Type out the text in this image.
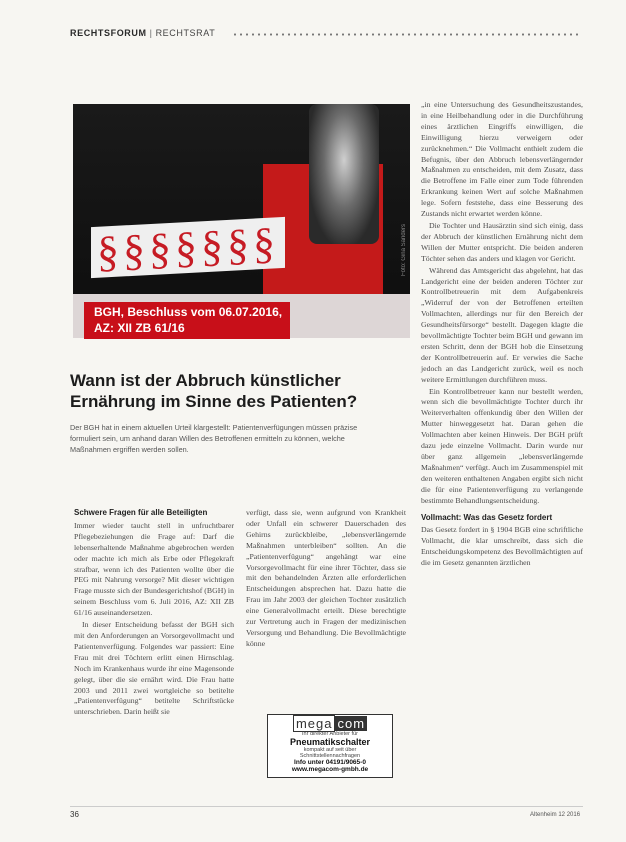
RECHTSFORUM | RECHTSRAT
§§§§§§§	Foto: Gina Sanders
BGH, Beschluss vom 06.07.2016,
AZ: XII ZB 61/16
Wann ist der Abbruch künstlicher Ernährung im Sinne des Patienten?
Der BGH hat in einem aktuellen Urteil klargestellt: Patientenverfügungen müssen präzise formuliert sein, um anhand daran Willen des Betroffenen ermitteln zu können, welche Maßnahmen ergriffen werden sollen.
Schwere Fragen für alle Beteiligten

Immer wieder taucht stell in unfruchtbarer Pflegebeziehungen die Frage auf: Darf die lebenserhaltende Maßnahme abgebrochen werden oder machte ich mich als Erbe oder Pflegekraft strafbar, wenn ich des Patienten wollte über die PEG mit Nahrung versorge? Mit dieser wichtigen Frage musste sich der Bundesgerichtshof (BGH) in seinem Beschluss vom 6. Juli 2016, AZ: XII ZB 61/16 auseinandersetzen.

In dieser Entscheidung befasst der BGH sich mit den Anforderungen an Vorsorgevollmacht und Patientenverfügung. Folgendes war passiert: Eine Frau mit drei Töchtern erlitt einen Hirnschlag. Noch im Krankenhaus wurde ihr eine Magensonde gelegt, über die sie ernährt wird. Die Frau hatte 2003 und 2011 zwei wortgleiche so betitelte „Patientenverfügung“ betitelte Schriftstücke unterschrieben. Darin heißt sie

verfügt, dass sie, wenn aufgrund von Krankheit oder Unfall ein schwerer Dauerschaden des Gehirns zurückbleibe, „lebensverlängernde Maßnahmen unterbleiben“ sollten. An die „Patientenverfügung“ angehängt war eine Vorsorgevollmacht für eine ihrer Töchter, dass sie mit den behandelnden Ärzten alle erforderlichen Entscheidungen absprechen hat. Dazu hatte die Frau im Jahr 2003 der gleichen Tochter zusätzlich eine Generalvollmacht erteilt. Diese berechtigte zur Vertretung auch in Fragen der medizinischen Versorgung und Behandlung. Die Bevollmächtigte könne

mega com
Ihr direkter Anbieter für
Pneumatikschalter
kompakt auf seit über
Schnittstellennachfragen
Info unter 04191/9065-0
www.megacom-gmbh.de

„in eine Untersuchung des Gesundheitszustandes, in eine Heilbehandlung oder in die Durchführung eines ärztlichen Eingriffs einwilligen, die Einwilligung hierzu verweigern oder zurücknehmen.“ Die Vollmacht enthielt zudem die Befugnis, über den Abbruch lebensverlängernder Maßnahmen zu entscheiden, mit dem Zusatz, dass die Betroffene im Falle einer zum Tode führenden Erkrankung keinen Wert auf solche Maßnahmen lege. Sofern feststehe, dass eine Besserung des Zustands nicht erwartet werden könne.

Die Tochter und Hausärztin sind sich einig, dass der Abbruch der künstlichen Ernährung nicht dem Willen der Mutter entspricht. Die beiden anderen Töchter sehen das anders und klagen vor Gericht.

Während das Amtsgericht das abgelehnt, hat das Landgericht eine der beiden anderen Töchter zur Kontrollbetreuerin mit dem Aufgabenkreis „Widerruf der von der Betroffenen erteilten Vollmachten, allerdings nur für den Bereich der Gesundheitsfürsorge“ bestellt. Dagegen klagte die bevollmächtigte Tochter beim BGH und gewann im ersten Schritt, denn der BGH hob die Einsetzung der Kontrollbetreuerin auf. Er verwies die Sache jedoch an das Landgericht zurück, weil es noch weitere Ermittlungen durchführen muss.

Ein Kontrollbetreuer kann nur bestellt werden, wenn sich die bevollmächtigte Tochter durch ihr Weiterverhalten offenkundig über den Willen der Mutter hinweggesetzt hat. Daran gehen die Vollmachten aber keinen Hinweis. Der BGH prüft dazu jede einzelne Vollmacht. Darin wurde nur über ganz allgemein „lebensverlängernde Maßnahmen“ verfügt. Auch im Zusammenspiel mit den weiteren enthaltenen Angaben ergibt sich nicht die für eine Patientenverfügung zu verlangende bestimmte Behandlungsentscheidung.

Vollmacht: Was das Gesetz fordert

Das Gesetz fordert in § 1904 BGB eine schriftliche Vollmacht, die klar umschreibt, dass sich die Entscheidungskompetenz des Bevollmächtigten auf die im Gesetz genannten ärztlichen

36	Altenheim 12 2016
